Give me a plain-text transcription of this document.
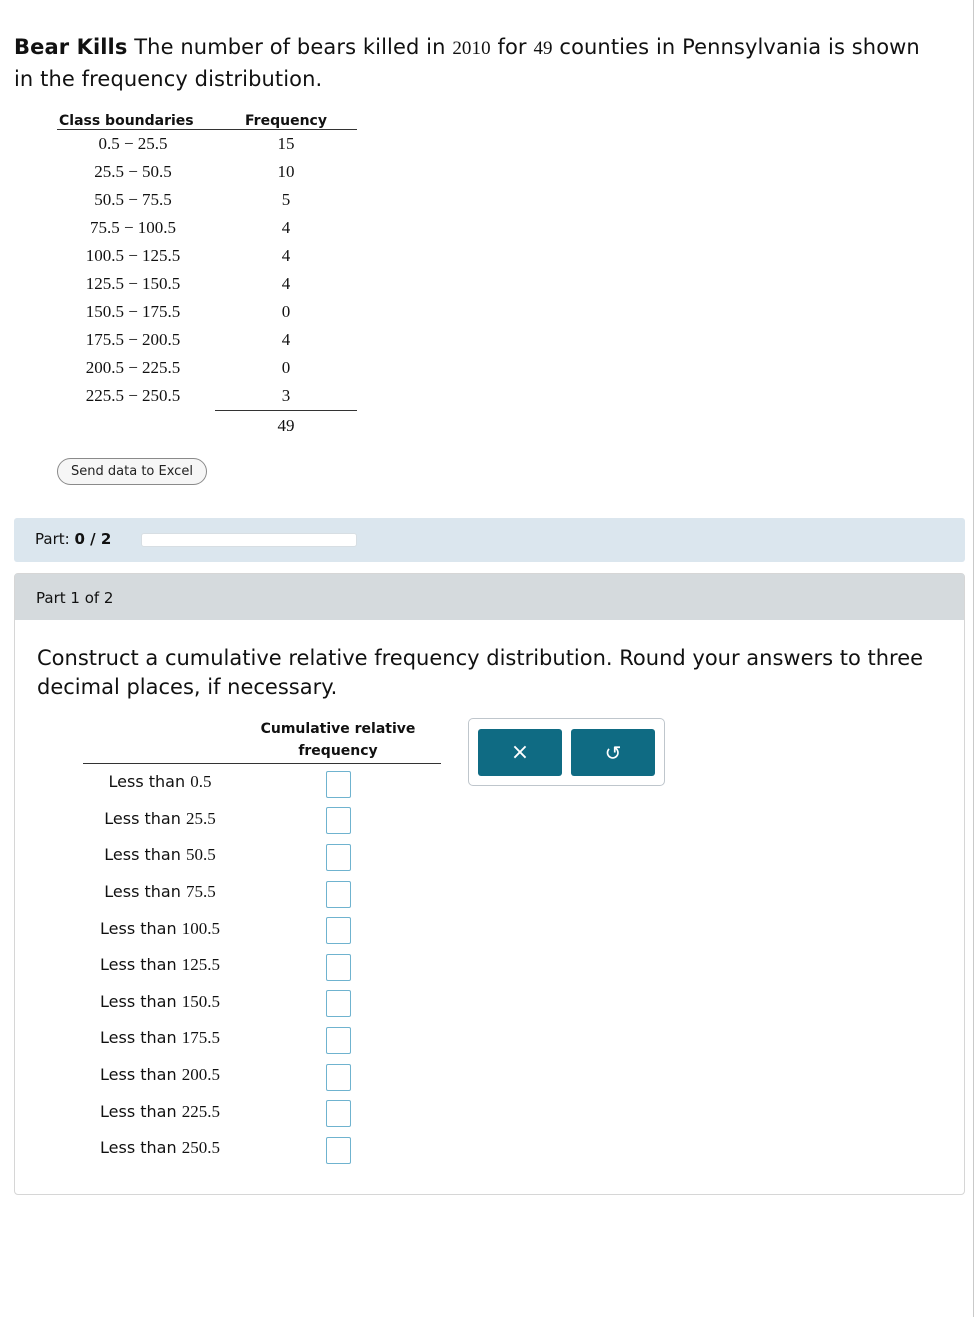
Bear Kills The number of bears killed in 2010 for 49 counties in Pennsylvania is shown in the frequency distribution.
Class boundaries	Frequency
0.5 − 25.5	15
25.5 − 50.5	10
50.5 − 75.5	5
75.5 − 100.5	4
100.5 − 125.5	4
125.5 − 150.5	4
150.5 − 175.5	0
175.5 − 200.5	4
200.5 − 225.5	0
225.5 − 250.5	3
	49
Send data to Excel
Part: 0 / 2
Part 1 of 2
Construct a cumulative relative frequency distribution. Round your answers to three decimal places, if necessary.
	Cumulative relative
frequency
Less than 0.5	
Less than 25.5	
Less than 50.5	
Less than 75.5	
Less than 100.5	
Less than 125.5	
Less than 150.5	
Less than 175.5	
Less than 200.5	
Less than 225.5	
Less than 250.5	
×	↺
